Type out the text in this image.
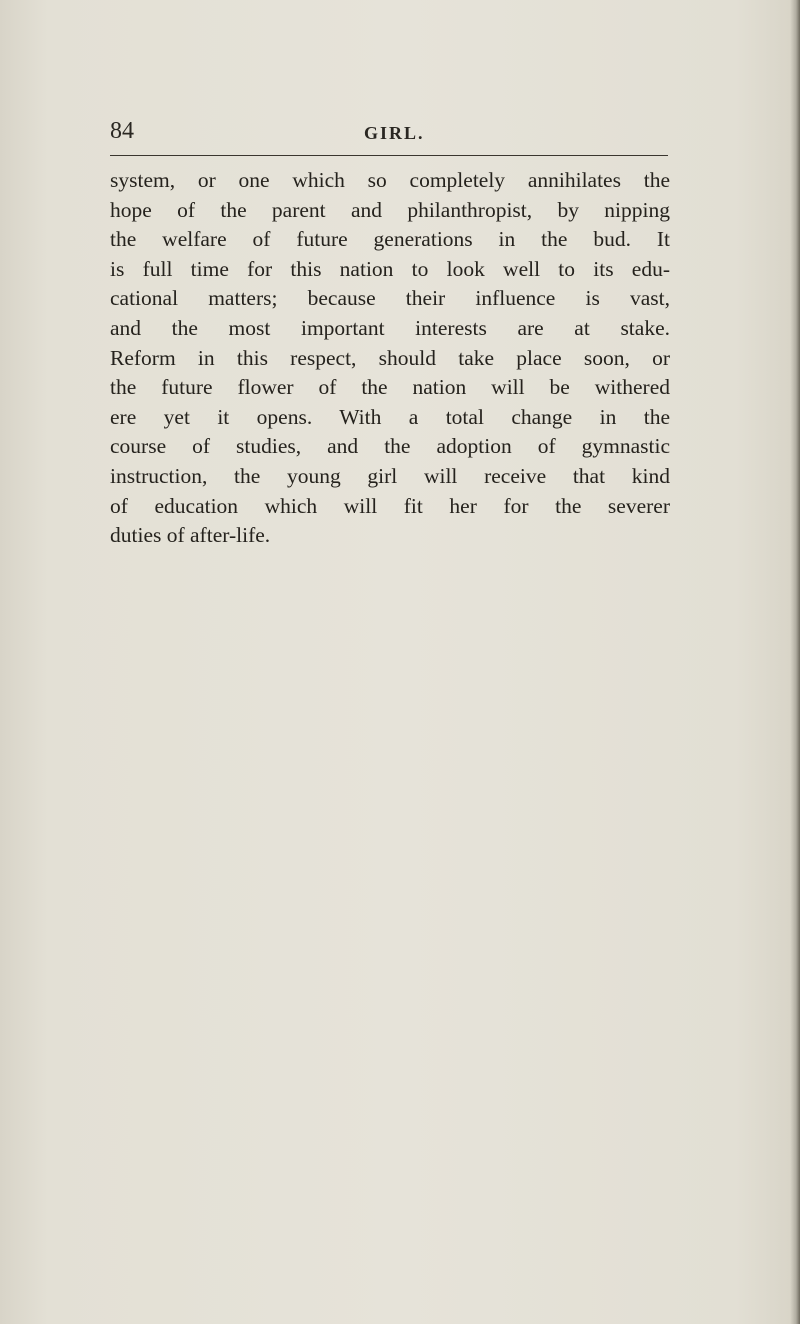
84	GIRL.
system, or one which so completely annihilates the
hope of the parent and philanthropist, by nipping
the welfare of future generations in the bud. It
is full time for this nation to look well to its edu-
cational matters; because their influence is vast,
and the most important interests are at stake.
Reform in this respect, should take place soon, or
the future flower of the nation will be withered
ere yet it opens. With a total change in the
course of studies, and the adoption of gymnastic
instruction, the young girl will receive that kind
of education which will fit her for the severer
duties of after-life.
